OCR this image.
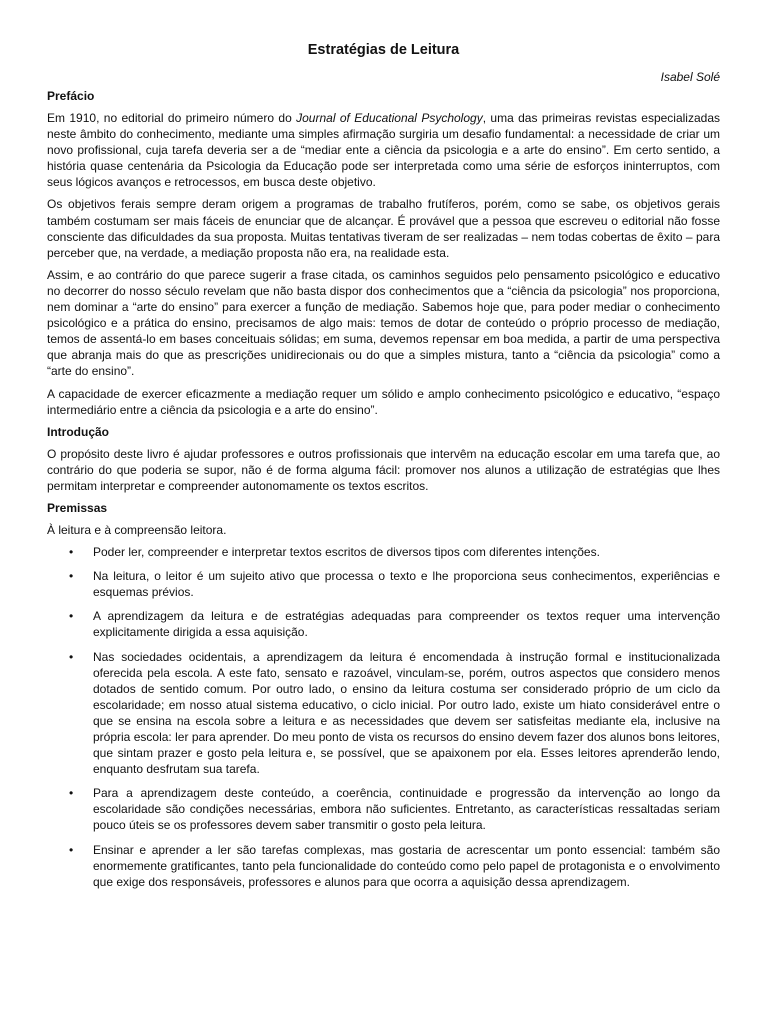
Estratégias de Leitura
Isabel Solé
Prefácio

Em 1910, no editorial do primeiro número do Journal of Educational Psychology, uma das primeiras revistas especializadas neste âmbito do conhecimento, mediante uma simples afirmação surgiria um desafio fundamental: a necessidade de criar um novo profissional, cuja tarefa deveria ser a de “mediar ente a ciência da psicologia e a arte do ensino”. Em certo sentido, a história quase centenária da Psicologia da Educação pode ser interpretada como uma série de esforços ininterruptos, com seus lógicos avanços e retrocessos, em busca deste objetivo.

Os objetivos ferais sempre deram origem a programas de trabalho frutíferos, porém, como se sabe, os objetivos gerais também costumam ser mais fáceis de enunciar que de alcançar. É provável que a pessoa que escreveu o editorial não fosse consciente das dificuldades da sua proposta. Muitas tentativas tiveram de ser realizadas – nem todas cobertas de êxito – para perceber que, na verdade, a mediação proposta não era, na realidade esta.

Assim, e ao contrário do que parece sugerir a frase citada, os caminhos seguidos pelo pensamento psicológico e educativo no decorrer do nosso século revelam que não basta dispor dos conhecimentos que a “ciência da psicologia” nos proporciona, nem dominar a “arte do ensino” para exercer a função de mediação. Sabemos hoje que, para poder mediar o conhecimento psicológico e a prática do ensino, precisamos de algo mais: temos de dotar de conteúdo o próprio processo de mediação, temos de assentá-lo em bases conceituais sólidas; em suma, devemos repensar em boa medida, a partir de uma perspectiva que abranja mais do que as prescrições unidirecionais ou do que a simples mistura, tanto a “ciência da psicologia” como a “arte do ensino”.

A capacidade de exercer eficazmente a mediação requer um sólido e amplo conhecimento psicológico e educativo, “espaço intermediário entre a ciência da psicologia e a arte do ensino”.

Introdução

O propósito deste livro é ajudar professores e outros profissionais que intervêm na educação escolar em uma tarefa que, ao contrário do que poderia se supor, não é de forma alguma fácil: promover nos alunos a utilização de estratégias que lhes permitam interpretar e compreender autonomamente os textos escritos.

Premissas

À leitura e à compreensão leitora.

• Poder ler, compreender e interpretar textos escritos de diversos tipos com diferentes intenções.
• Na leitura, o leitor é um sujeito ativo que processa o texto e lhe proporciona seus conhecimentos, experiências e esquemas prévios.
• A aprendizagem da leitura e de estratégias adequadas para compreender os textos requer uma intervenção explicitamente dirigida a essa aquisição.
• Nas sociedades ocidentais, a aprendizagem da leitura é encomendada à instrução formal e institucionalizada oferecida pela escola. A este fato, sensato e razoável, vinculam-se, porém, outros aspectos que considero menos dotados de sentido comum. Por outro lado, o ensino da leitura costuma ser considerado próprio de um ciclo da escolaridade; em nosso atual sistema educativo, o ciclo inicial. Por outro lado, existe um hiato considerável entre o que se ensina na escola sobre a leitura e as necessidades que devem ser satisfeitas mediante ela, inclusive na própria escola: ler para aprender. Do meu ponto de vista os recursos do ensino devem fazer dos alunos bons leitores, que sintam prazer e gosto pela leitura e, se possível, que se apaixonem por ela. Esses leitores aprenderão lendo, enquanto desfrutam sua tarefa.
• Para a aprendizagem deste conteúdo, a coerência, continuidade e progressão da intervenção ao longo da escolaridade são condições necessárias, embora não suficientes. Entretanto, as características ressaltadas seriam pouco úteis se os professores devem saber transmitir o gosto pela leitura.
• Ensinar e aprender a ler são tarefas complexas, mas gostaria de acrescentar um ponto essencial: também são enormemente gratificantes, tanto pela funcionalidade do conteúdo como pelo papel de protagonista e o envolvimento que exige dos responsáveis, professores e alunos para que ocorra a aquisição dessa aprendizagem.
